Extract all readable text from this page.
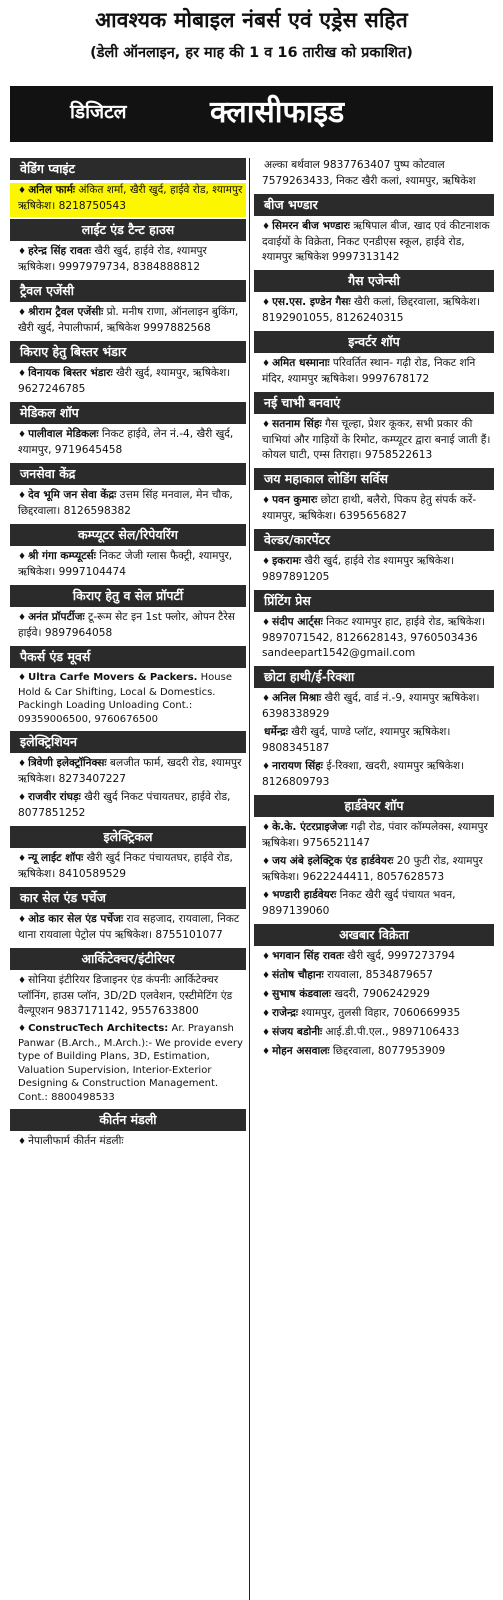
आवश्यक मोबाइल नंबर्स एवं एड्रेस सहित
(डेली ऑनलाइन, हर माह की 1 व 16 तारीख को प्रकाशित)
डिजिटल	क्लासीफाइड
वेडिंग प्वाइंट
♦ अनिल फार्मः अंकित शर्मा, खैरी खुर्द, हाईवे रोड, श्यामपुर ऋषिकेश। 8218750543
लाईट एंड टैन्ट हाउस
♦ हरेन्द्र सिंह रावतः खैरी खुर्द, हाईवे रोड, श्यामपुर ऋषिकेश। 9997979734, 8384888812
ट्रैवल एजेंसी
♦ श्रीराम ट्रैवल एजेंसीः प्रो. मनीष राणा, ऑनलाइन बुकिंग, खैरी खुर्द, नेपालीफार्म, ऋषिकेश 9997882568
किराए हेतु बिस्तर भंडार
♦ विनायक बिस्तर भंडारः खैरी खुर्द, श्यामपुर, ऋषिकेश। 9627246785
मेडिकल शॉप
♦ पालीवाल मेडिकलः निकट हाईवे, लेन नं.-4, खैरी खुर्द, श्यामपुर, 9719645458
जनसेवा केंद्र
♦ देव भूमि जन सेवा केंद्रः उत्तम सिंह मनवाल, मेन चौक, छिद्दरवाला। 8126598382
कम्प्यूटर सेल/रिपेयरिंग
♦ श्री गंगा कम्प्यूटर्सः निकट जेजी ग्लास फैक्ट्री, श्यामपुर, ऋषिकेश। 9997104474
किराए हेतु व सेल प्रॉपर्टी
♦ अनंत प्रॉपर्टीजः टू-रूम सेट इन 1st फ्लोर, ओपन टैरेस हाईवे। 9897964058
पैकर्स एंड मूवर्स
♦ Ultra Carfe Movers & Packers. House Hold & Car Shifting, Local & Domestics. Packingh Loading Unloading Cont.: 09359006500, 9760676500
इलेक्ट्रिशियन
♦ त्रिवेणी इलेक्ट्रॉनिक्सः बलजीत फार्म, खदरी रोड, श्यामपुर ऋषिकेश। 8273407227
♦ राजवीर रांघड़ः खैरी खुर्द निकट पंचायतघर, हाईवे रोड, 8077851252
इलेक्ट्रिकल
♦ न्यू लाईट शॉपः खैरी खुर्द निकट पंचायतघर, हाईवे रोड, ऋषिकेश। 8410589529
कार सेल एंड पर्चेज
♦ ओड कार सेल एंड पर्चेजः राव सहजाद, रायवाला, निकट थाना रायवाला पेट्रोल पंप ऋषिकेश। 8755101077
आर्किटेक्चर/इंटीरियर
♦ सोनिया इंटीरियर डिजाइनर एंड कंपनीः आर्किटेक्चर प्लॉनिंग, हाउस प्लॉन, 3D/2D एलवेशन, एस्टीमेटिंग एंड वैल्यूएशन 9837171142, 9557633800
♦ ConstrucTech Architects: Ar. Prayansh Panwar (B.Arch., M.Arch.):- We provide every type of Building Plans, 3D, Estimation, Valuation Supervision, Interior-Exterior Designing & Construction Management. Cont.: 8800498533
कीर्तन मंडली
♦ नेपालीफार्म कीर्तन मंडलीः
अल्का बर्थवाल 9837763407 पुष्प कोटवाल 7579263433, निकट खैरी कलां, श्यामपुर, ऋषिकेश
बीज भण्डार
♦ सिमरन बीज भण्डारः ऋषिपाल बीज, खाद एवं कीटनाशक दवाईयों के विक्रेता, निकट एनडीएस स्कूल, हाईवे रोड, श्यामपुर ऋषिकेश 9997313142
गैस एजेन्सी
♦ एस.एस. इण्डेन गैसः खैरी कलां, छिद्दरवाला, ऋषिकेश। 8192901055, 8126240315
इन्वर्टर शॉप
♦ अमित धस्मानाः परिवर्तित स्थान- गढ़ी रोड, निकट शनि मंदिर, श्यामपुर ऋषिकेश। 9997678172
नई चाभी बनवाएं
♦ सतनाम सिंहः गैस चूल्हा, प्रेशर कूकर, सभी प्रकार की चाभियां और गाड़ियों के रिमोट, कम्प्यूटर द्वारा बनाई जाती हैं। कोयल घाटी, एम्स तिराहा। 9758522613
जय महाकाल लोडिंग सर्विस
♦ पवन कुमारः छोटा हाथी, बलैरो, पिकप हेतु संपर्क करें- श्यामपुर, ऋषिकेश। 6395656827
वेल्डर/कारपेंटर
♦ इकरामः खैरी खुर्द, हाईवे रोड श्यामपुर ऋषिकेश। 9897891205
प्रिंटिंग प्रेस
♦ संदीप आर्ट्सः निकट श्यामपुर हाट, हाईवे रोड, ऋषिकेश। 9897071542, 8126628143, 9760503436 sandeepart1542@gmail.com
छोटा हाथी/ई-रिक्शा
♦ अनिल मिश्राः खैरी खुर्द, वार्ड नं.-9, श्यामपुर ऋषिकेश। 6398338929
धर्मेन्द्रः खैरी खुर्द, पाण्डे प्लॉट, श्यामपुर ऋषिकेश। 9808345187
♦ नारायण सिंहः ई-रिक्शा, खदरी, श्यामपुर ऋषिकेश। 8126809793
हार्डवेयर शॉप
♦ के.के. एंटरप्राइजेजः गढ़ी रोड, पंवार कॉम्पलेक्स, श्यामपुर ऋषिकेश। 9756521147
♦ जय अंबे इलेक्ट्रिक एंड हार्डवेयरः 20 फुटी रोड, श्यामपुर ऋषिकेश। 9622244411, 8057628573
♦ भण्डारी हार्डवेयरः निकट खैरी खुर्द पंचायत भवन, 9897139060
अखबार विक्रेता
♦ भगवान सिंह रावतः खैरी खुर्द, 9997273794
♦ संतोष चौहानः रायवाला, 8534879657
♦ सुभाष कंडवालः खदरी, 7906242929
♦ राजेन्द्रः श्यामपुर, तुलसी विहार, 7060669935
♦ संजय बडोनीः आई.डी.पी.एल., 9897106433
♦ मोहन असवालः छिद्दरवाला, 8077953909
